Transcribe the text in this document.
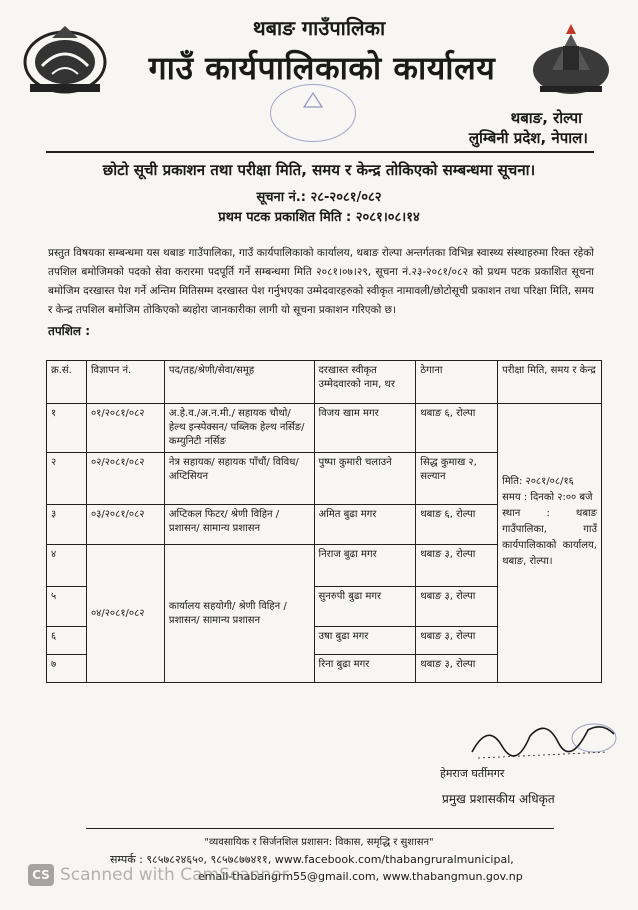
थबाङ गाउँपालिका
गाउँ कार्यपालिकाको कार्यालय
थबाङ, रोल्पा
लुम्बिनी प्रदेश, नेपाल।
छोटो सूची प्रकाशन तथा परीक्षा मिति, समय र केन्द्र तोकिएको सम्बन्धमा सूचना।
सूचना नं.: २८-२०८१/०८२
प्रथम पटक प्रकाशित मिति : २०८१।०८।१४
प्रस्तुत विषयका सम्बन्धमा यस थबाङ गाउँपालिका, गाउँ कार्यपालिकाको कार्यालय, थबाङ रोल्पा अन्तर्गतका विभिन्न स्वास्थ्य संस्थाहरुमा रिक्त रहेको तपशिल बमोजिमको पदको सेवा करारमा पदपूर्ति गर्ने सम्बन्धमा मिति २०८१।०७।२९, सूचना नं.२३-२०८१/०८२ को प्रथम पटक प्रकाशित सूचना बमोजिम दरखास्त पेश गर्ने अन्तिम मितिसम्म दरखास्त पेश गर्नुभएका उम्मेदवारहरुको स्वीकृत नामावली/छोटोसूची प्रकाशन तथा परिक्षा मिति, समय र केन्द्र तपशिल बमोजिम तोकिएको ब्यहोरा जानकारीका लागी यो सूचना प्रकाशन गरिएको छ।
तपशिल :
क्र.सं.	विज्ञापन नं.	पद/तह/श्रेणी/सेवा/समूह	दरखास्त स्वीकृत उम्मेदवारको नाम, थर	ठेगाना	परीक्षा मिति, समय र केन्द्र
१	०१/२०८१/०८२	अ.हे.व./अ.न.मी./ सहायक चौथो/ हेल्थ इन्स्पेक्सन/ पब्लिक हेल्थ नर्सिङ/ कम्युनिटी नर्सिङ	विजय खाम मगर	थबाङ ६, रोल्पा	मिति: २०८१/०८/१६
समय : दिनको २:०० बजे
स्थान : थबाङ गाउँपालिका, गाउँ कार्यपालिकाको कार्यालय, थबाङ, रोल्पा।

२	०२/२०८१/०८२	नेत्र सहायक/ सहायक पाँचौं/ विविध/ अप्टिसियन	पुष्पा कुमारी चलाउने	सिद्ध कुमाख २, सल्यान	
३	०३/२०८१/०८२	अप्टिकल फिटर/ श्रेणी विहिन / प्रशासन/ सामान्य प्रशासन	अमित बुढा मगर	थबाङ ६, रोल्पा	
४	०४/२०८१/०८२	कार्यालय सहयोगी/ श्रेणी विहिन / प्रशासन/ सामान्य प्रशासन	निराज बुढा मगर	थबाङ ३, रोल्पा	
५			सुनरुपी बुढा मगर	थबाङ ३, रोल्पा	
६			उषा बुढा मगर	थबाङ ३, रोल्पा	
७			रिना बुढा मगर	थबाङ ३, रोल्पा	
हेमराज घर्तीमगर
प्रमुख प्रशासकीय अधिकृत
"व्यवसायिक र सिर्जनशिल प्रशासन: विकास, समृद्धि र सुशासन"
सम्पर्क : ९८५७८२४६५०, ९८५७८७७४११, www.facebook.com/thabangruralmunicipal,
email-thabangrm55@gmail.com, www.thabangmun.gov.np
CS Scanned with CamScanner
